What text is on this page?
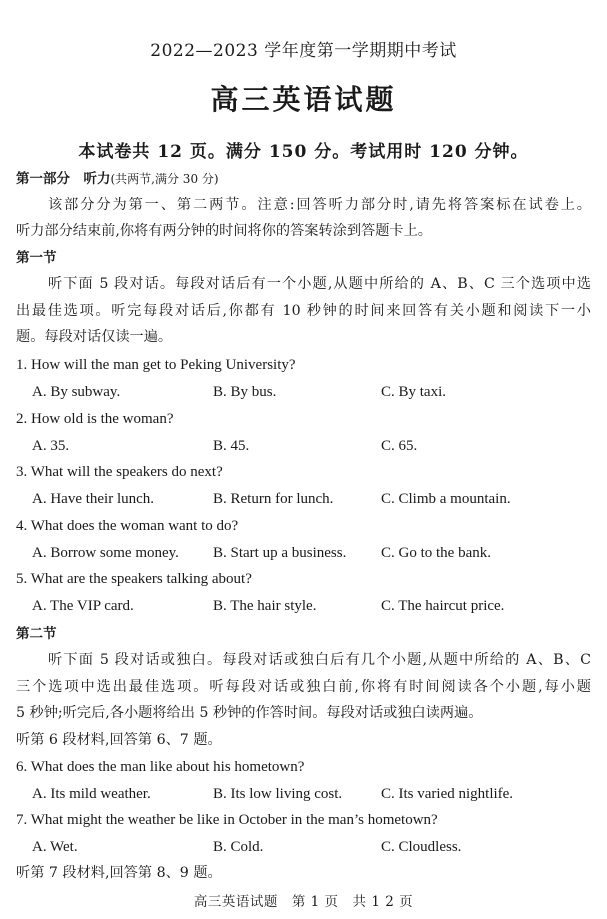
2022—2023 学年度第一学期期中考试
高三英语试题
本试卷共 12 页。满分 150 分。考试用时 120 分钟。
第一部分　听力(共两节,满分 30 分)
该部分分为第一、第二两节。注意:回答听力部分时,请先将答案标在试卷上。
听力部分结束前,你将有两分钟的时间将你的答案转涂到答题卡上。
第一节
听下面 5 段对话。每段对话后有一个小题,从题中所给的 A、B、C 三个选项中选
出最佳选项。听完每段对话后,你都有 10 秒钟的时间来回答有关小题和阅读下一小
题。每段对话仅读一遍。
1. How will the man get to Peking University?
A. By subway.	B. By bus.	C. By taxi.
2. How old is the woman?
A. 35.	B. 45.	C. 65.
3. What will the speakers do next?
A. Have their lunch.	B. Return for lunch.	C. Climb a mountain.
4. What does the woman want to do?
A. Borrow some money. B. Start up a business. C. Go to the bank.
5. What are the speakers talking about?
A. The VIP card.	B. The hair style.	C. The haircut price.
第二节
听下面 5 段对话或独白。每段对话或独白后有几个小题,从题中所给的 A、B、C
三个选项中选出最佳选项。听每段对话或独白前,你将有时间阅读各个小题,每小题
5 秒钟;听完后,各小题将给出 5 秒钟的作答时间。每段对话或独白读两遍。
听第 6 段材料,回答第 6、7 题。
6. What does the man like about his hometown?
A. Its mild weather.	B. Its low living cost.	C. Its varied nightlife.
7. What might the weather be like in October in the man’s hometown?
A. Wet.	B. Cold.	C. Cloudless.
听第 7 段材料,回答第 8、9 题。
高三英语试题　第 1 页　共 1 2 页
